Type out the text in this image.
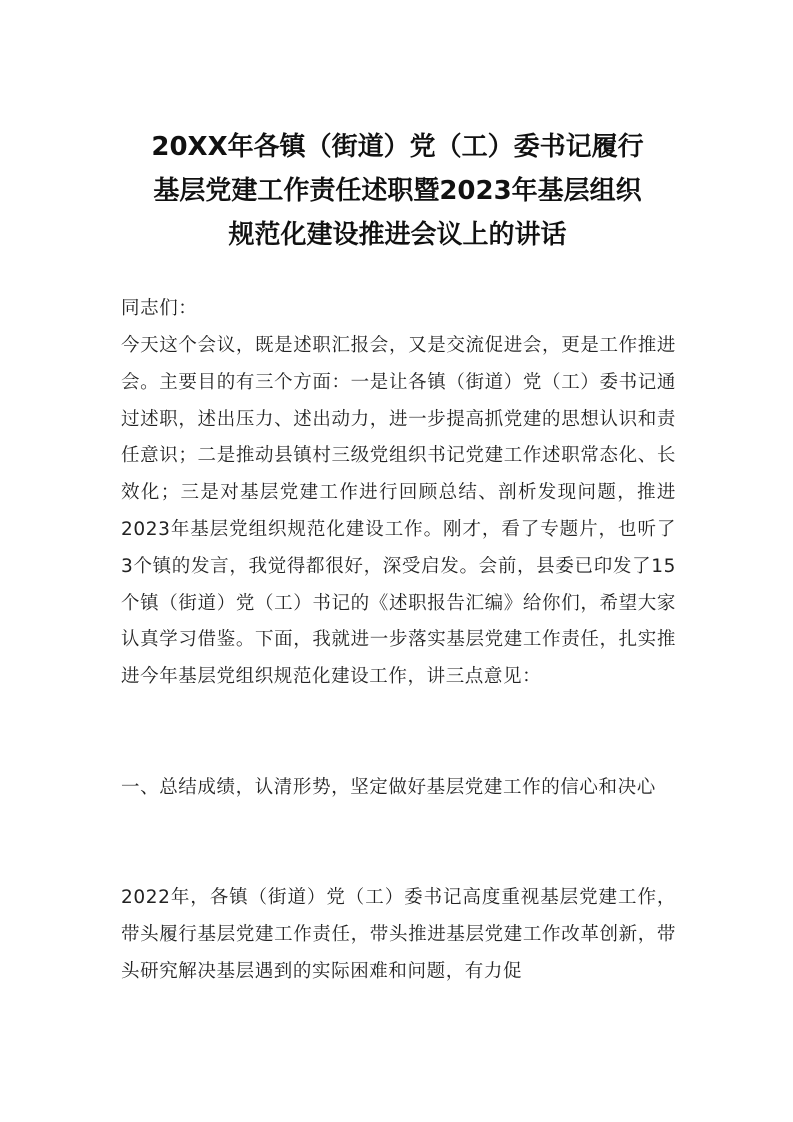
20XX年各镇（街道）党（工）委书记履行
基层党建工作责任述职暨2023年基层组织
规范化建设推进会议上的讲话

同志们：

今天这个会议，既是述职汇报会，又是交流促进会，更是工作推进会。主要目的有三个方面：一是让各镇（街道）党（工）委书记通过述职，述出压力、述出动力，进一步提高抓党建的思想认识和责任意识；二是推动县镇村三级党组织书记党建工作述职常态化、长效化；三是对基层党建工作进行回顾总结、剖析发现问题，推进2023年基层党组织规范化建设工作。刚才，看了专题片，也听了3个镇的发言，我觉得都很好，深受启发。会前，县委已印发了15个镇（街道）党（工）书记的《述职报告汇编》给你们，希望大家认真学习借鉴。下面，我就进一步落实基层党建工作责任，扎实推进今年基层党组织规范化建设工作，讲三点意见：

一、总结成绩，认清形势，坚定做好基层党建工作的信心和决心

2022年，各镇（街道）党（工）委书记高度重视基层党建工作，带头履行基层党建工作责任，带头推进基层党建工作改革创新，带头研究解决基层遇到的实际困难和问题，有力促
